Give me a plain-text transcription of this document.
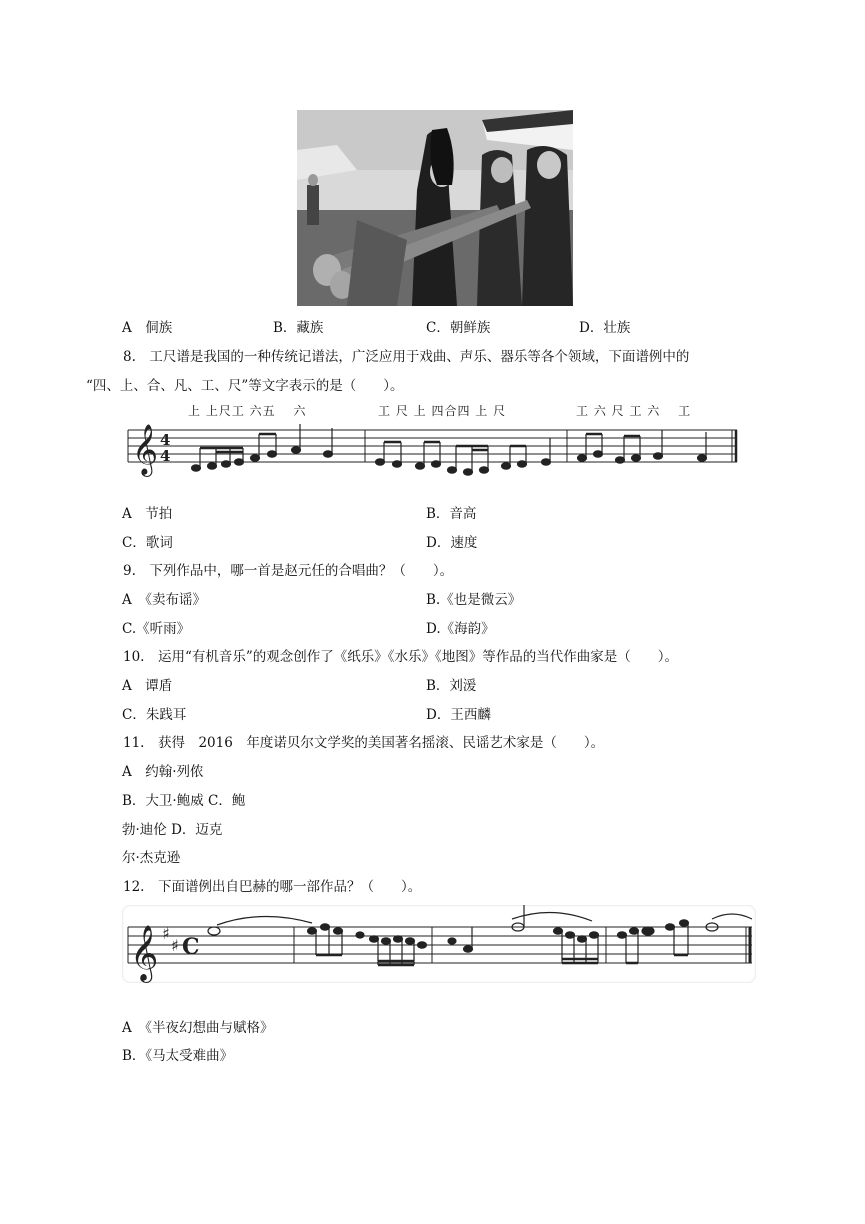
A　侗族	B．藏族	C．朝鲜族	D．壮族
8.　工尺谱是我国的一种传统记谱法，广泛应用于戏曲、声乐、器乐等各个领域，下面谱例中的
“四、上、合、凡、工、尺”等文字表示的是（　　）。
上 上尺工 六五　 六	工 尺 上 四合四 上 尺	工 六 尺 工 六　 工
𝄞 4
4
A　节拍	B．音高
C．歌词	D．速度
9.　下列作品中，哪一首是赵元任的合唱曲？（　　）。
A　《卖布谣》	B.《也是微云》
C.《听雨》	D.《海韵》
10.　运用“有机音乐”的观念创作了《纸乐》《水乐》《地图》等作品的当代作曲家是（　　）。
A　谭盾	B．刘湲
C．朱践耳	D．王西麟
11.　获得　2016　年度诺贝尔文学奖的美国著名摇滚、民谣艺术家是（　　）。
A　约翰·列侬
B．大卫·鲍威 C．鲍
勃·迪伦 D．迈克
尔·杰克逊
12.　下面谱例出自巴赫的哪一部作品？（　　）。
𝄞 ♯
♯ C
A　《半夜幻想曲与赋格》
B．《马太受难曲》
